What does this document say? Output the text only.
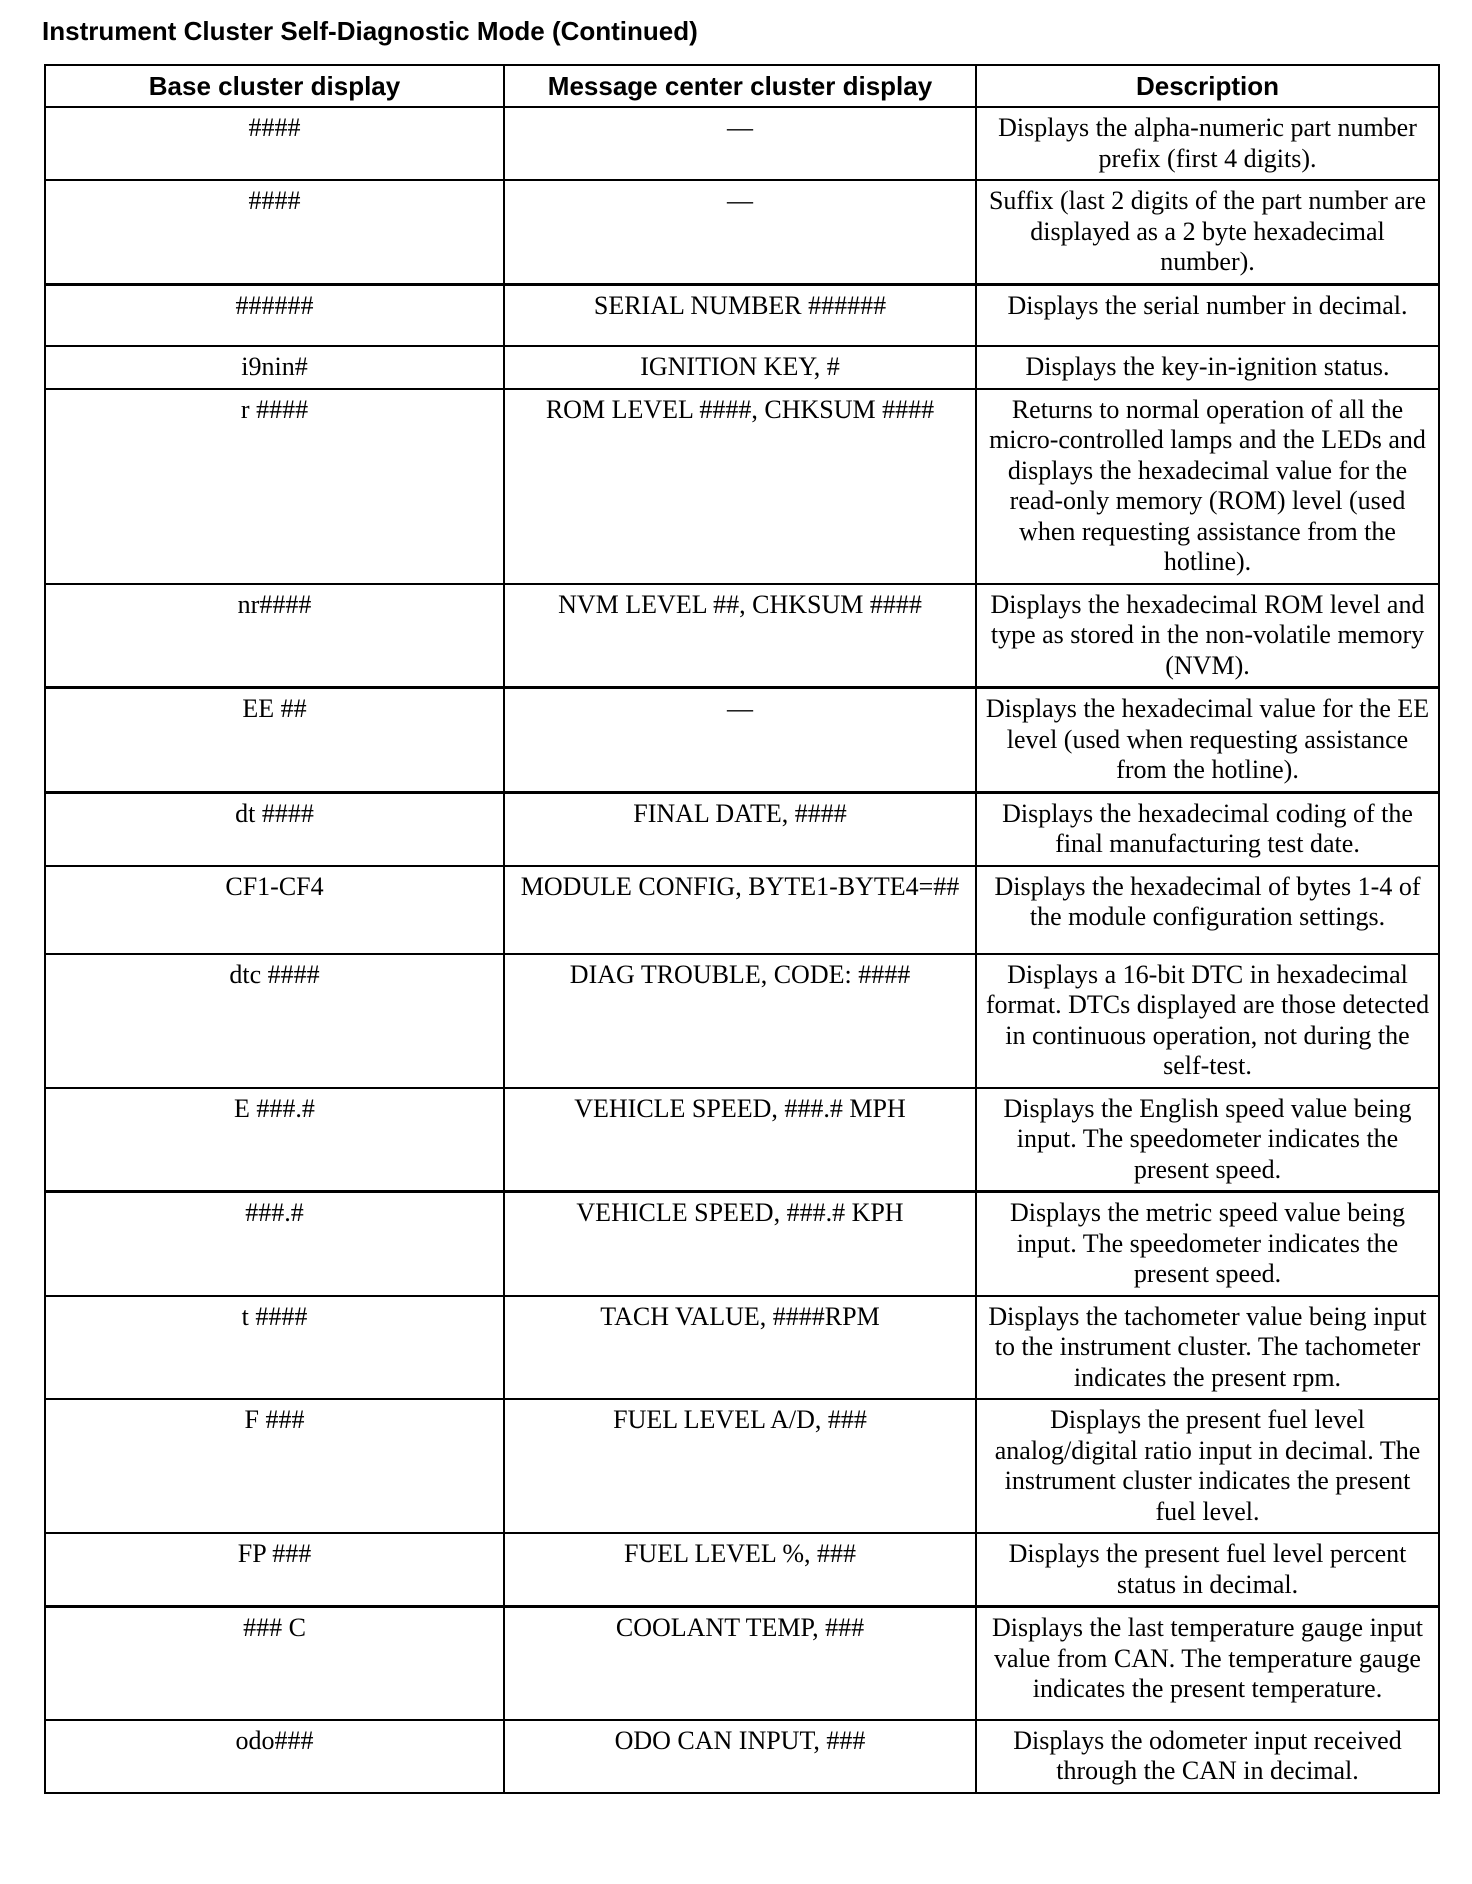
Instrument Cluster Self-Diagnostic Mode (Continued)
Base cluster display	Message center cluster display	Description
####	—	Displays the alpha-numeric part number prefix (first 4 digits).
####	—	Suffix (last 2 digits of the part number are displayed as a 2 byte hexadecimal number).
######	SERIAL NUMBER ######	Displays the serial number in decimal.
i9nin#	IGNITION KEY, #	Displays the key-in-ignition status.
r ####	ROM LEVEL ####, CHKSUM ####	Returns to normal operation of all the micro-controlled lamps and the LEDs and displays the hexadecimal value for the read-only memory (ROM) level (used when requesting assistance from the hotline).
nr####	NVM LEVEL ##, CHKSUM ####	Displays the hexadecimal ROM level and type as stored in the non-volatile memory (NVM).
EE ##	—	Displays the hexadecimal value for the EE level (used when requesting assistance from the hotline).
dt ####	FINAL DATE, ####	Displays the hexadecimal coding of the final manufacturing test date.
CF1-CF4	MODULE CONFIG, BYTE1-BYTE4=##	Displays the hexadecimal of bytes 1-4 of the module configuration settings.
dtc ####	DIAG TROUBLE, CODE: ####	Displays a 16-bit DTC in hexadecimal format. DTCs displayed are those detected in continuous operation, not during the self-test.
E ###.#	VEHICLE SPEED, ###.# MPH	Displays the English speed value being input. The speedometer indicates the present speed.
###.#	VEHICLE SPEED, ###.# KPH	Displays the metric speed value being input. The speedometer indicates the present speed.
t ####	TACH VALUE, ####RPM	Displays the tachometer value being input to the instrument cluster. The tachometer indicates the present rpm.
F ###	FUEL LEVEL A/D, ###	Displays the present fuel level analog/digital ratio input in decimal. The instrument cluster indicates the present fuel level.
FP ###	FUEL LEVEL %, ###	Displays the present fuel level percent status in decimal.
### C	COOLANT TEMP, ###	Displays the last temperature gauge input value from CAN. The temperature gauge indicates the present temperature.
odo###	ODO CAN INPUT, ###	Displays the odometer input received through the CAN in decimal.
